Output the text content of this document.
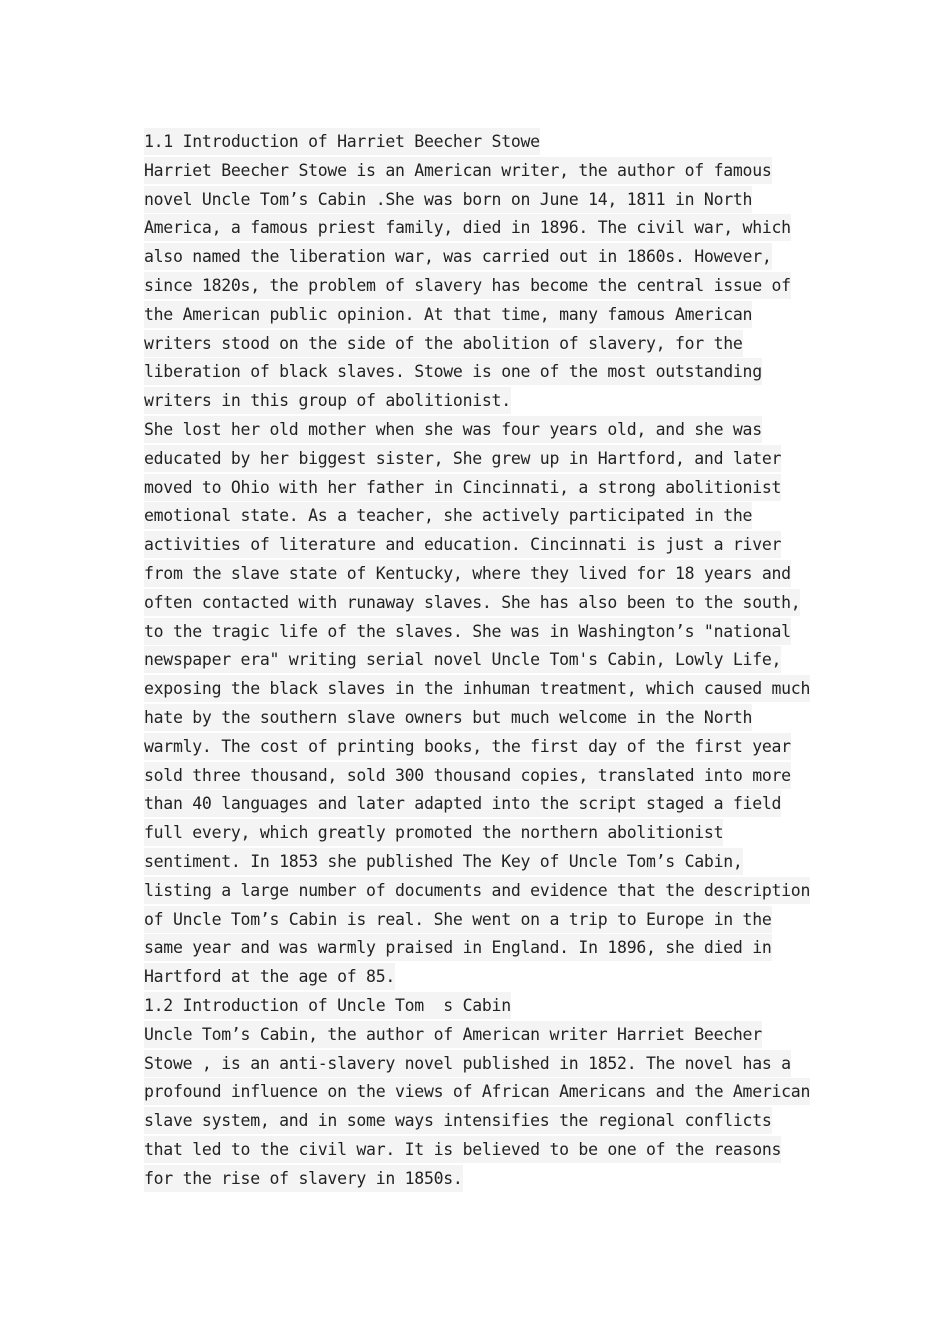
1.1 Introduction of Harriet Beecher Stowe
Harriet Beecher Stowe is an American writer, the author of famous
novel Uncle Tom’s Cabin .She was born on June 14, 1811 in North
America, a famous priest family, died in 1896. The civil war, which
also named the liberation war, was carried out in 1860s. However,
since 1820s, the problem of slavery has become the central issue of
the American public opinion. At that time, many famous American
writers stood on the side of the abolition of slavery, for the
liberation of black slaves. Stowe is one of the most outstanding
writers in this group of abolitionist.
She lost her old mother when she was four years old, and she was
educated by her biggest sister, She grew up in Hartford, and later
moved to Ohio with her father in Cincinnati, a strong abolitionist
emotional state. As a teacher, she actively participated in the
activities of literature and education. Cincinnati is just a river
from the slave state of Kentucky, where they lived for 18 years and
often contacted with runaway slaves. She has also been to the south,
to the tragic life of the slaves. She was in Washington’s "national
newspaper era" writing serial novel Uncle Tom's Cabin, Lowly Life,
exposing the black slaves in the inhuman treatment, which caused much
hate by the southern slave owners but much welcome in the North
warmly. The cost of printing books, the first day of the first year
sold three thousand, sold 300 thousand copies, translated into more
than 40 languages and later adapted into the script staged a field
full every, which greatly promoted the northern abolitionist
sentiment. In 1853 she published The Key of Uncle Tom’s Cabin,
listing a large number of documents and evidence that the description
of Uncle Tom’s Cabin is real. She went on a trip to Europe in the
same year and was warmly praised in England. In 1896, she died in
Hartford at the age of 85.
1.2 Introduction of Uncle Tom  s Cabin
Uncle Tom’s Cabin, the author of American writer Harriet Beecher
Stowe , is an anti-slavery novel published in 1852. The novel has a
profound influence on the views of African Americans and the American
slave system, and in some ways intensifies the regional conflicts
that led to the civil war. It is believed to be one of the reasons
for the rise of slavery in 1850s.
